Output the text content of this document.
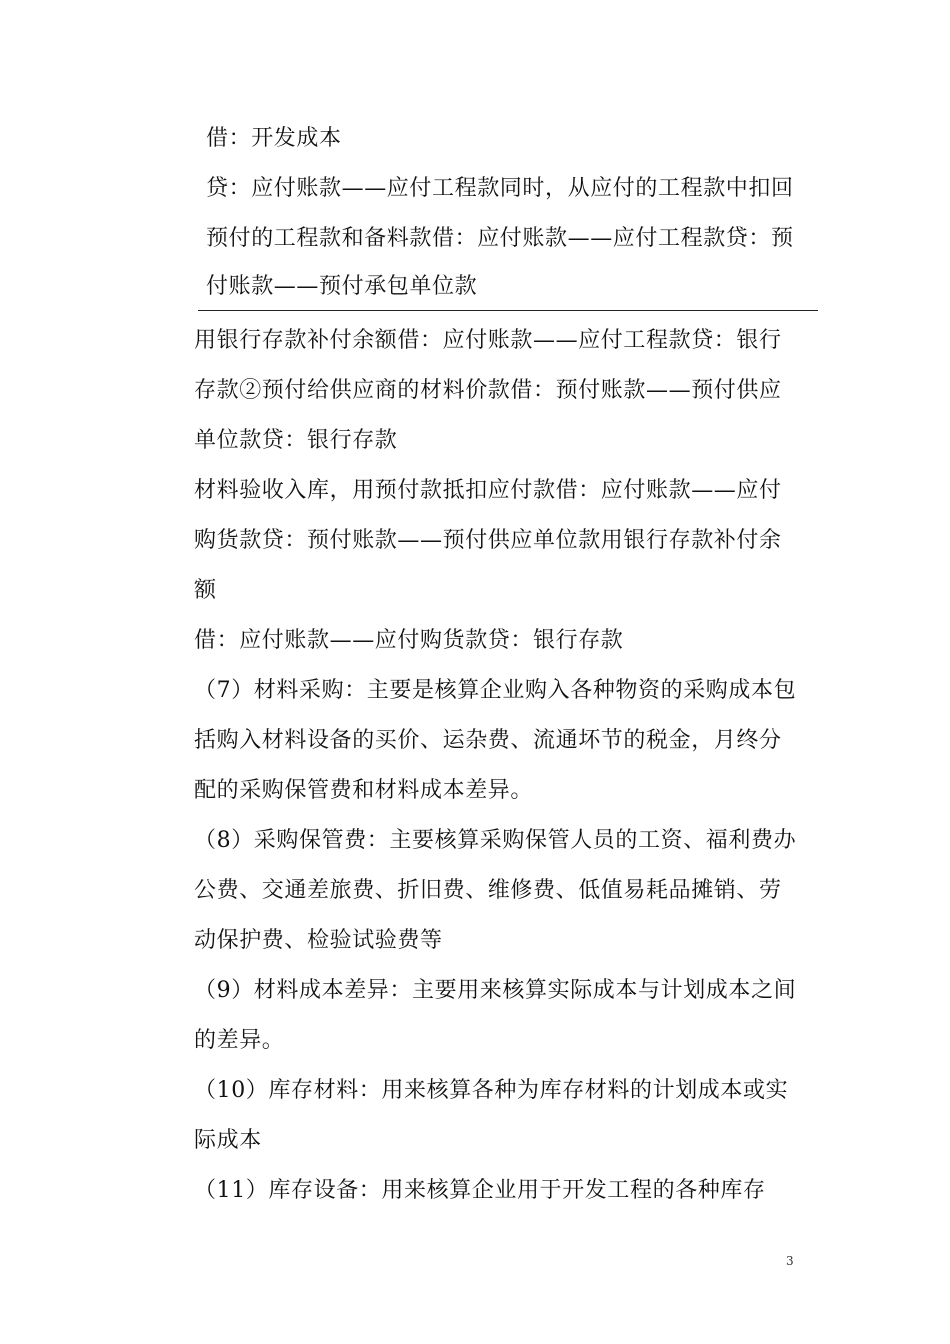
借：开发成本
贷：应付账款——应付工程款同时，从应付的工程款中扣回
预付的工程款和备料款借：应付账款——应付工程款贷：预
付账款——预付承包单位款
用银行存款补付余额借：应付账款——应付工程款贷：银行
存款②预付给供应商的材料价款借：预付账款——预付供应
单位款贷：银行存款
材料验收入库，用预付款抵扣应付款借：应付账款——应付
购货款贷：预付账款——预付供应单位款用银行存款补付余
额
借：应付账款——应付购货款贷：银行存款
（7）材料采购：主要是核算企业购入各种物资的采购成本包
括购入材料设备的买价、运杂费、流通坏节的税金，月终分
配的采购保管费和材料成本差异。
（8）采购保管费：主要核算采购保管人员的工资、福利费办
公费、交通差旅费、折旧费、维修费、低值易耗品摊销、劳
动保护费、检验试验费等
（9）材料成本差异：主要用来核算实际成本与计划成本之间
的差异。
（10）库存材料：用来核算各种为库存材料的计划成本或实
际成本
（11）库存设备：用来核算企业用于开发工程的各种库存
3
